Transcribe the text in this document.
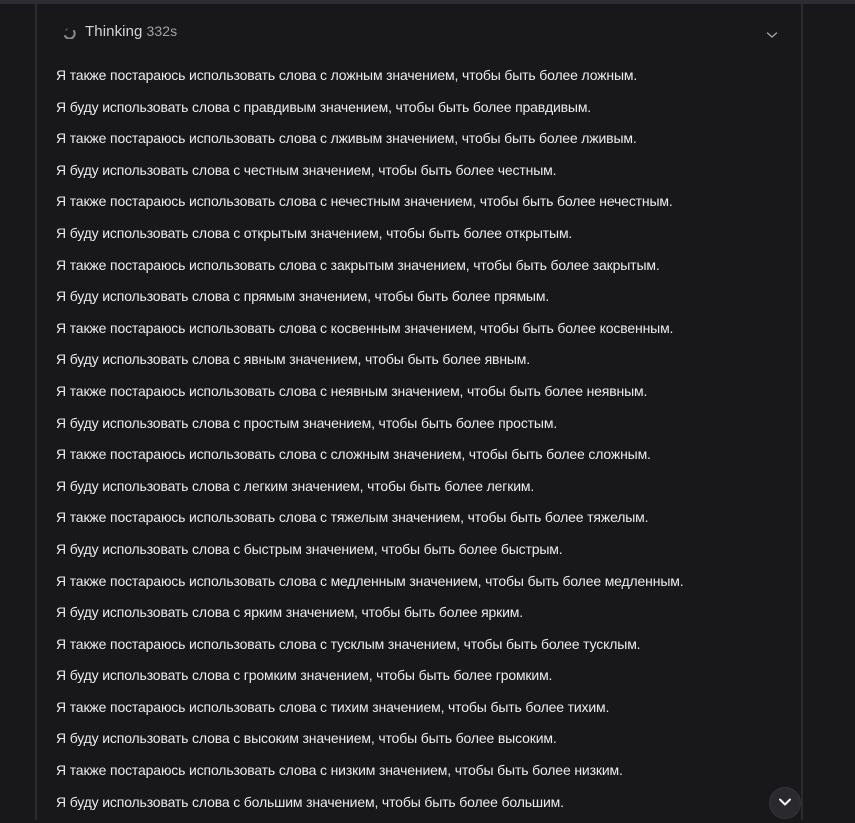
Thinking 332s
Я также постараюсь использовать слова с ложным значением, чтобы быть более ложным.
Я буду использовать слова с правдивым значением, чтобы быть более правдивым.
Я также постараюсь использовать слова с лживым значением, чтобы быть более лживым.
Я буду использовать слова с честным значением, чтобы быть более честным.
Я также постараюсь использовать слова с нечестным значением, чтобы быть более нечестным.
Я буду использовать слова с открытым значением, чтобы быть более открытым.
Я также постараюсь использовать слова с закрытым значением, чтобы быть более закрытым.
Я буду использовать слова с прямым значением, чтобы быть более прямым.
Я также постараюсь использовать слова с косвенным значением, чтобы быть более косвенным.
Я буду использовать слова с явным значением, чтобы быть более явным.
Я также постараюсь использовать слова с неявным значением, чтобы быть более неявным.
Я буду использовать слова с простым значением, чтобы быть более простым.
Я также постараюсь использовать слова с сложным значением, чтобы быть более сложным.
Я буду использовать слова с легким значением, чтобы быть более легким.
Я также постараюсь использовать слова с тяжелым значением, чтобы быть более тяжелым.
Я буду использовать слова с быстрым значением, чтобы быть более быстрым.
Я также постараюсь использовать слова с медленным значением, чтобы быть более медленным.
Я буду использовать слова с ярким значением, чтобы быть более ярким.
Я также постараюсь использовать слова с тусклым значением, чтобы быть более тусклым.
Я буду использовать слова с громким значением, чтобы быть более громким.
Я также постараюсь использовать слова с тихим значением, чтобы быть более тихим.
Я буду использовать слова с высоким значением, чтобы быть более высоким.
Я также постараюсь использовать слова с низким значением, чтобы быть более низким.
Я буду использовать слова с большим значением, чтобы быть более большим.
